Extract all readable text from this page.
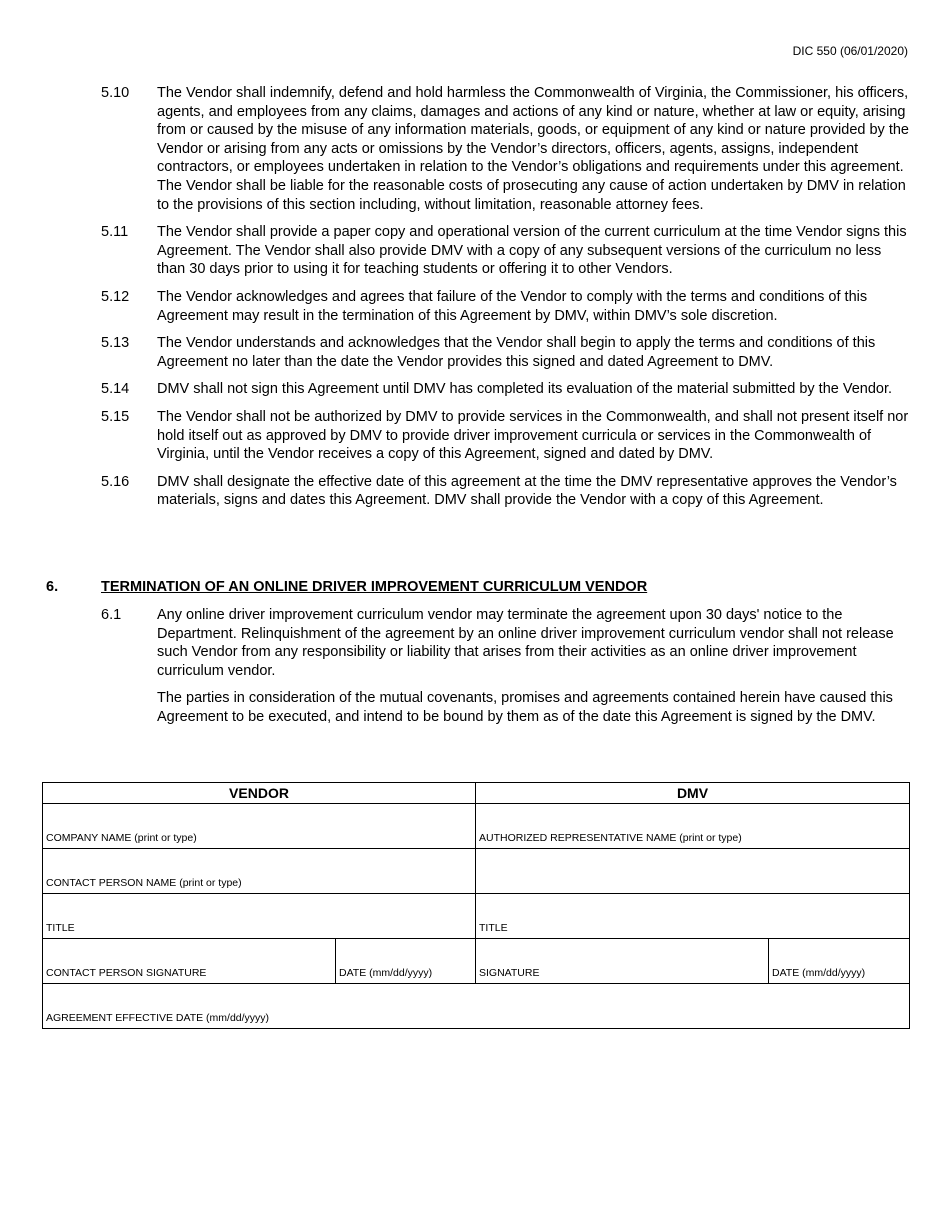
DIC 550 (06/01/2020)
5.10	The Vendor shall indemnify, defend and hold harmless the Commonwealth of Virginia, the Commissioner, his officers, agents, and employees from any claims, damages and actions of any kind or nature, whether at law or equity, arising from or caused by the misuse of any information materials, goods, or equipment of any kind or nature provided by the Vendor or arising from any acts or omissions by the Vendor’s directors, officers, agents, assigns, independent contractors, or employees undertaken in relation to the Vendor’s obligations and requirements under this agreement. The Vendor shall be liable for the reasonable costs of prosecuting any cause of action undertaken by DMV in relation to the provisions of this section including, without limitation, reasonable attorney fees.
5.11	The Vendor shall provide a paper copy and operational version of the current curriculum at the time Vendor signs this Agreement. The Vendor shall also provide DMV with a copy of any subsequent versions of the curriculum no less than 30 days prior to using it for teaching students or offering it to other Vendors.
5.12	The Vendor acknowledges and agrees that failure of the Vendor to comply with the terms and conditions of this Agreement may result in the termination of this Agreement by DMV, within DMV’s sole discretion.
5.13	The Vendor understands and acknowledges that the Vendor shall begin to apply the terms and conditions of this Agreement no later than the date the Vendor provides this signed and dated Agreement to DMV.
5.14	DMV shall not sign this Agreement until DMV has completed its evaluation of the material submitted by the Vendor.
5.15	The Vendor shall not be authorized by DMV to provide services in the Commonwealth, and shall not present itself nor hold itself out as approved by DMV to provide driver improvement curricula or services in the Commonwealth of Virginia, until the Vendor receives a copy of this Agreement, signed and dated by DMV.
5.16	DMV shall designate the effective date of this agreement at the time the DMV representative approves the Vendor’s materials, signs and dates this Agreement. DMV shall provide the Vendor with a copy of this Agreement.
6.	TERMINATION OF AN ONLINE DRIVER IMPROVEMENT CURRICULUM VENDOR
6.1	Any online driver improvement curriculum vendor may terminate the agreement upon 30 days' notice to the Department. Relinquishment of the agreement by an online driver improvement curriculum vendor shall not release such Vendor from any responsibility or liability that arises from their activities as an online driver improvement curriculum vendor.
The parties in consideration of the mutual covenants, promises and agreements contained herein have caused this Agreement to be executed, and intend to be bound by them as of the date this Agreement is signed by the DMV.
VENDOR		DMV	

COMPANY NAME (print or type)		AUTHORIZED REPRESENTATIVE NAME (print or type)	

CONTACT PERSON NAME (print or type)			

TITLE		TITLE	

CONTACT PERSON SIGNATURE	DATE (mm/dd/yyyy)	SIGNATURE	DATE (mm/dd/yyyy)

AGREEMENT EFFECTIVE DATE (mm/dd/yyyy)			
